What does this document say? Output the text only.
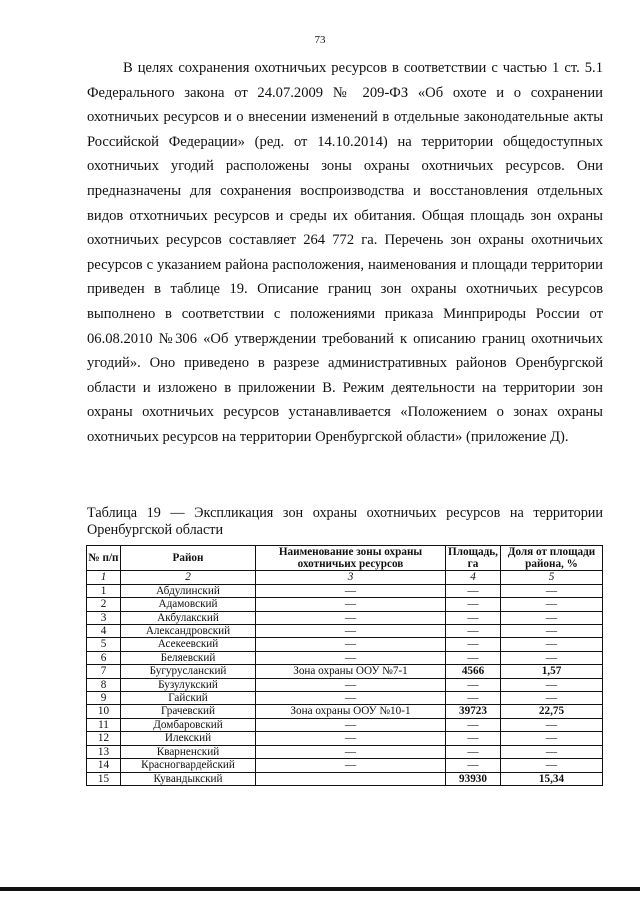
73

В целях сохранения охотничьих ресурсов в соответствии с частью 1 ст. 5.1 Федерального закона от 24.07.2009 № 209-ФЗ «Об охоте и о сохранении охотничьих ресурсов и о внесении изменений в отдельные законодательные акты Российской Федерации» (ред. от 14.10.2014) на территории общедоступных охотничьих угодий расположены зоны охраны охотничьих ресурсов. Они предназначены для сохранения воспроизводства и восстановления отдельных видов отхотничьих ресурсов и среды их обитания. Общая площадь зон охраны охотничьих ресурсов составляет 264 772 га. Перечень зон охраны охотничьих ресурсов с указанием района расположения, наименования и площади территории приведен в таблице 19. Описание границ зон охраны охотничьих ресурсов выполнено в соответствии с положениями приказа Минприроды России от 06.08.2010 №306 «Об утверждении требований к описанию границ охотничьих угодий». Оно приведено в разрезе административных районов Оренбургской области и изложено в приложении В. Режим деятельности на территории зон охраны охотничьих ресурсов устанавливается «Положением о зонах охраны охотничьих ресурсов на территории Оренбургской области» (приложение Д).

Таблица 19 — Экспликация зон охраны охотничьих ресурсов на территории Оренбургской области

№ п/п	Район	Наименование зоны охраны охотничьих ресурсов	Площадь, га	Доля от площади района, %
1	2	3	4	5
1	Абдулинский	—	—	—
2	Адамовский	—	—	—
3	Акбулакский	—	—	—
4	Александровский	—	—	—
5	Асекеевский	—	—	—
6	Беляевский	—	—	—
7	Бугурусланский	Зона охраны ООУ №7-1	4566	1,57
8	Бузулукский	—	—	—
9	Гайский	—	—	—
10	Грачевский	Зона охраны ООУ №10-1	39723	22,75
11	Домбаровский	—	—	—
12	Илекский	—	—	—
13	Кварненский	—	—	—
14	Красногвардейский	—	—	—
15	Кувандыкский		93930	15,34
